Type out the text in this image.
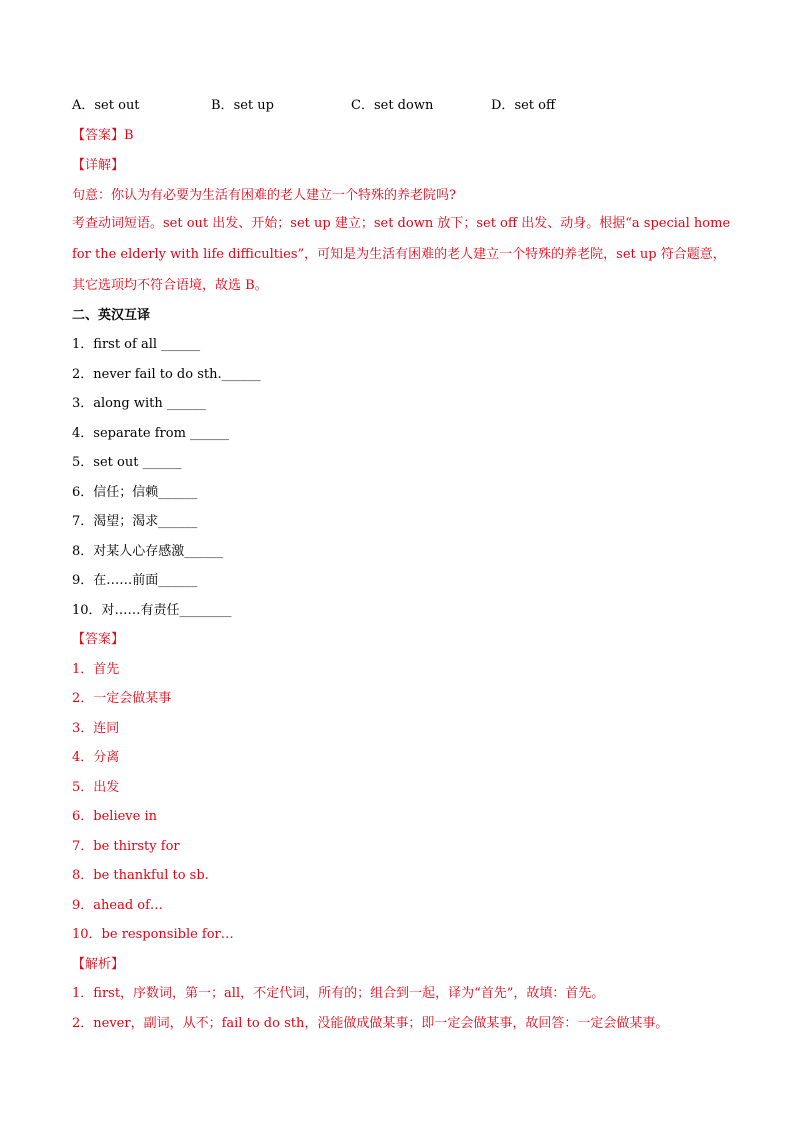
A．set out	B．set up	C．set down	D．set off
【答案】B
【详解】
句意：你认为有必要为生活有困难的老人建立一个特殊的养老院吗?
考查动词短语。set out 出发、开始；set up 建立；set down 放下；set off 出发、动身。根据“a special home
for the elderly with life difficulties”，可知是为生活有困难的老人建立一个特殊的养老院，set up 符合题意，
其它选项均不符合语境，故选 B。
二、英汉互译
1．first of all ______
2．never fail to do sth.______
3．along with ______
4．separate from ______
5．set out ______
6．信任；信赖______
7．渴望；渴求______
8．对某人心存感激______
9．在……前面______
10．对……有责任________
【答案】
1．首先
2．一定会做某事
3．连同
4．分离
5．出发
6．believe in
7．be thirsty for
8．be thankful to sb.
9．ahead of…
10．be responsible for…
【解析】
1．first，序数词，第一；all，不定代词，所有的；组合到一起，译为“首先”，故填：首先。
2．never，副词，从不；fail to do sth，没能做成做某事；即一定会做某事，故回答：一定会做某事。
